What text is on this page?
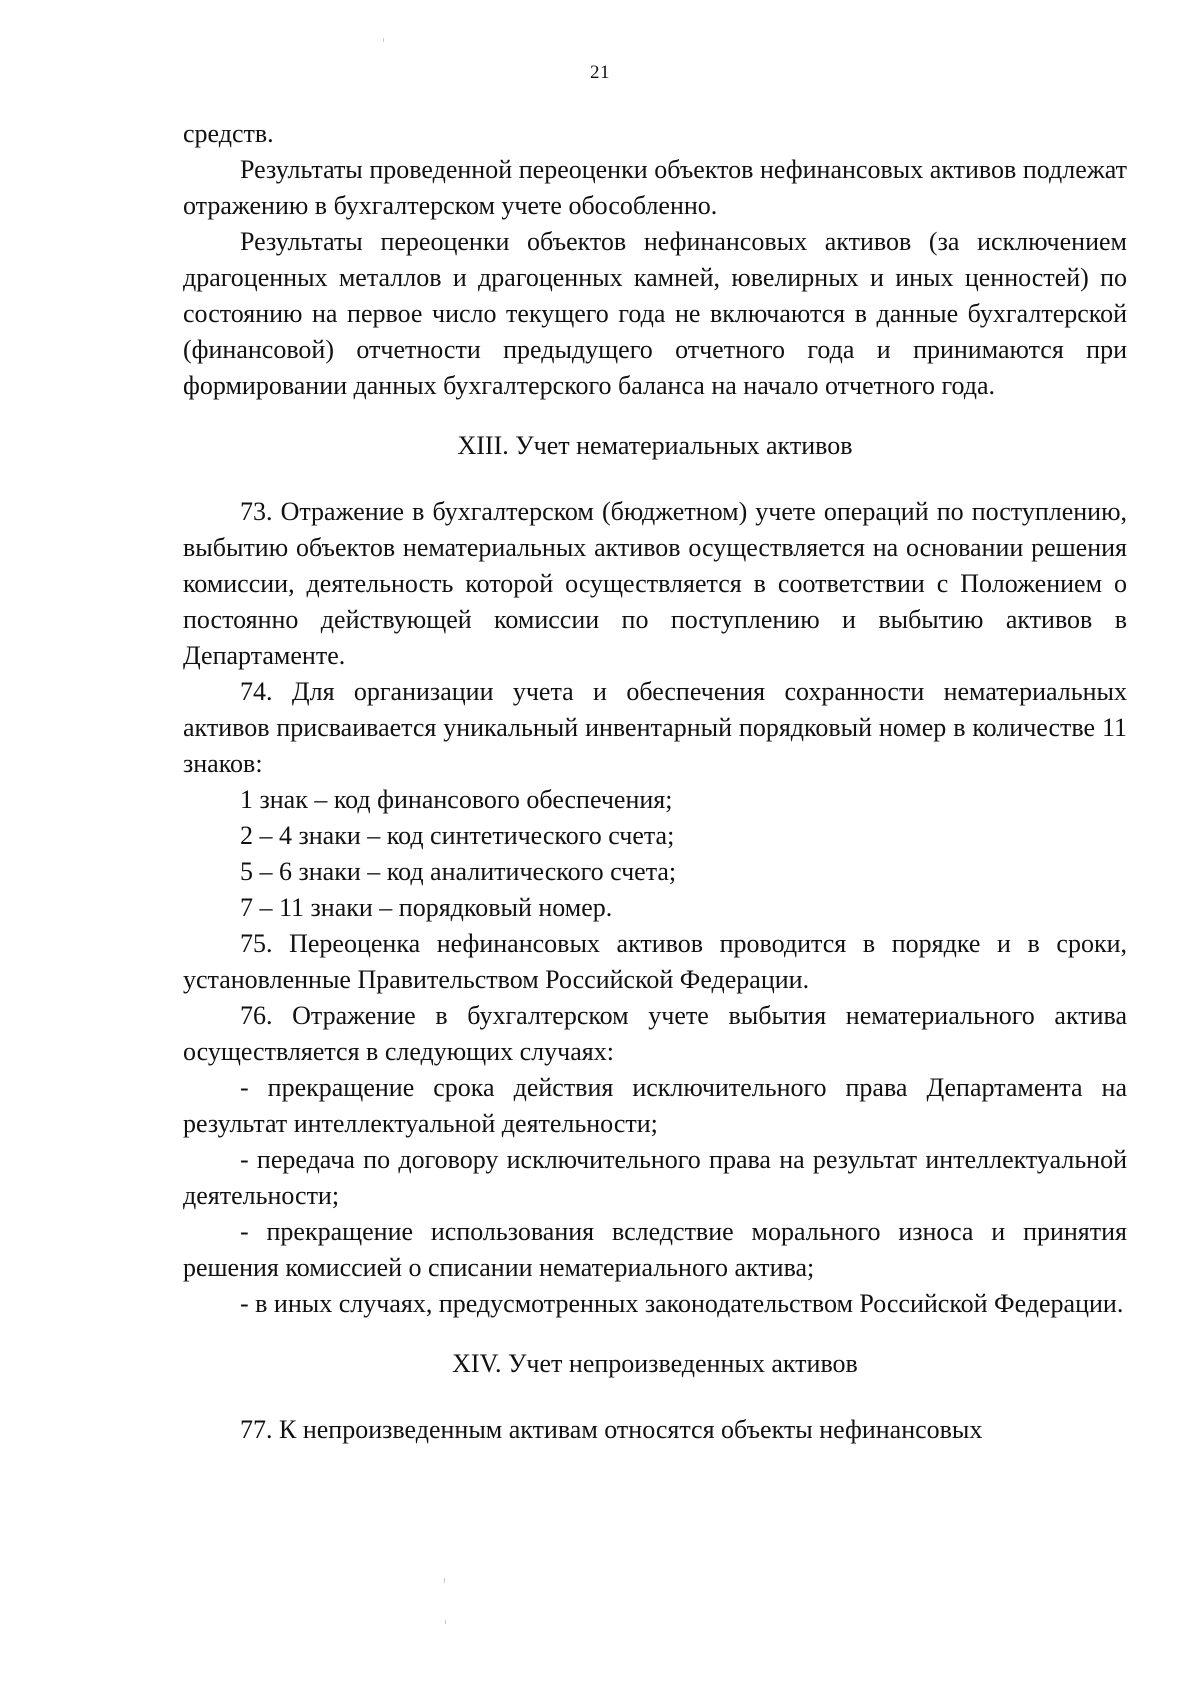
21

средств.

Результаты проведенной переоценки объектов нефинансовых активов подлежат отражению в бухгалтерском учете обособленно.

Результаты переоценки объектов нефинансовых активов (за исключением драгоценных металлов и драгоценных камней, ювелирных и иных ценностей) по состоянию на первое число текущего года не включаются в данные бухгалтерской (финансовой) отчетности предыдущего отчетного года и принимаются при формировании данных бухгалтерского баланса на начало отчетного года.

XIII. Учет нематериальных активов

73. Отражение в бухгалтерском (бюджетном) учете операций по поступлению, выбытию объектов нематериальных активов осуществляется на основании решения комиссии, деятельность которой осуществляется в соответствии с Положением о постоянно действующей комиссии по поступлению и выбытию активов в Департаменте.

74. Для организации учета и обеспечения сохранности нематериальных активов присваивается уникальный инвентарный порядковый номер в количестве 11 знаков:

1 знак – код финансового обеспечения;

2 – 4 знаки – код синтетического счета;

5 – 6 знаки – код аналитического счета;

7 – 11 знаки – порядковый номер.

75. Переоценка нефинансовых активов проводится в порядке и в сроки, установленные Правительством Российской Федерации.

76. Отражение в бухгалтерском учете выбытия нематериального актива осуществляется в следующих случаях:

- прекращение срока действия исключительного права Департамента на результат интеллектуальной деятельности;

- передача по договору исключительного права на результат интеллектуальной деятельности;

- прекращение использования вследствие морального износа и принятия решения комиссией о списании нематериального актива;

- в иных случаях, предусмотренных законодательством Российской Федерации.

XIV. Учет непроизведенных активов

77. К непроизведенным активам относятся объекты нефинансовых
